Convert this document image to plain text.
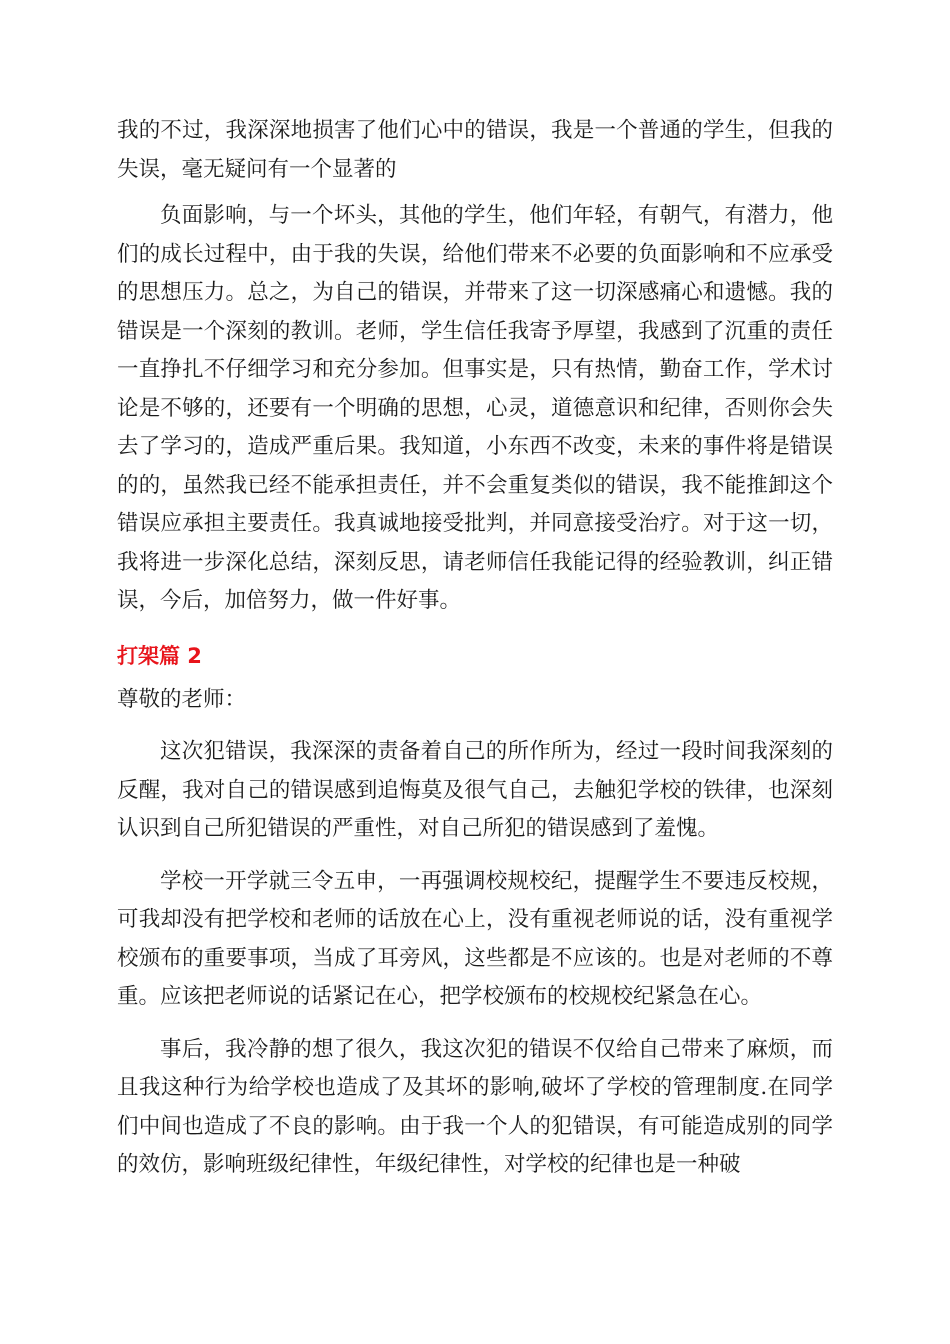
我的不过，我深深地损害了他们心中的错误，我是一个普通的学生，但我的失误，毫无疑问有一个显著的

负面影响，与一个坏头，其他的学生，他们年轻，有朝气，有潜力，他们的成长过程中，由于我的失误，给他们带来不必要的负面影响和不应承受的思想压力。总之，为自己的错误，并带来了这一切深感痛心和遗憾。我的错误是一个深刻的教训。老师，学生信任我寄予厚望，我感到了沉重的责任一直挣扎不仔细学习和充分参加。但事实是，只有热情，勤奋工作，学术讨论是不够的，还要有一个明确的思想，心灵，道德意识和纪律，否则你会失去了学习的，造成严重后果。我知道，小东西不改变，未来的事件将是错误的的，虽然我已经不能承担责任，并不会重复类似的错误，我不能推卸这个错误应承担主要责任。我真诚地接受批判，并同意接受治疗。对于这一切，我将进一步深化总结，深刻反思，请老师信任我能记得的经验教训，纠正错误，今后，加倍努力，做一件好事。

打架篇 2

尊敬的老师：

这次犯错误，我深深的责备着自己的所作所为，经过一段时间我深刻的反醒，我对自己的错误感到追悔莫及很气自己，去触犯学校的铁律，也深刻认识到自己所犯错误的严重性，对自己所犯的错误感到了羞愧。

学校一开学就三令五申，一再强调校规校纪，提醒学生不要违反校规，可我却没有把学校和老师的话放在心上，没有重视老师说的话，没有重视学校颁布的重要事项，当成了耳旁风，这些都是不应该的。也是对老师的不尊重。应该把老师说的话紧记在心，把学校颁布的校规校纪紧急在心。

事后，我冷静的想了很久，我这次犯的错误不仅给自己带来了麻烦，而且我这种行为给学校也造成了及其坏的影响,破坏了学校的管理制度.在同学们中间也造成了不良的影响。由于我一个人的犯错误，有可能造成别的同学的效仿，影响班级纪律性，年级纪律性，对学校的纪律也是一种破
